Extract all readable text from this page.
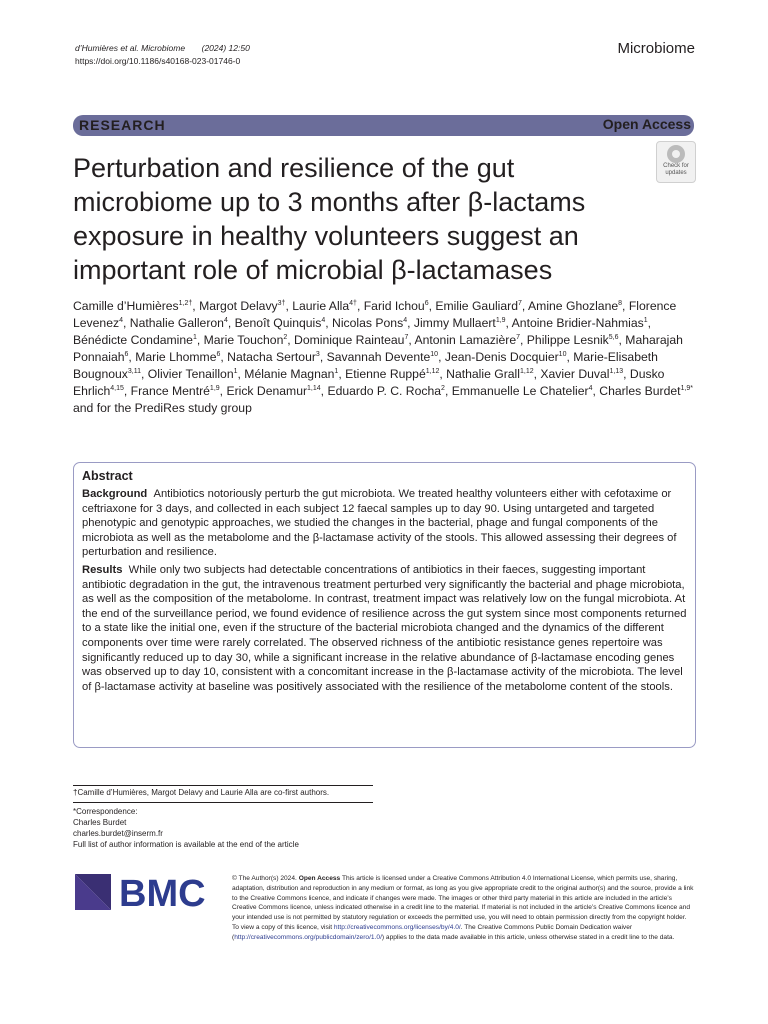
d’Humières et al. Microbiome (2024) 12:50
https://doi.org/10.1186/s40168-023-01746-0
Microbiome
RESEARCH	Open Access
Perturbation and resilience of the gut microbiome up to 3 months after β-lactams exposure in healthy volunteers suggest an important role of microbial β-lactamases
Check for
updates
Camille d’Humières$^{1,2\dagger}$, Margot Delavy$^{3\dagger}$, Laurie Alla$^{4\dagger}$, Farid Ichou$^6$, Emilie Gauliard$^7$, Amine Ghozlane$^8$, Florence Levenez$^4$, Nathalie Galleron$^4$, Benoît Quinquis$^4$, Nicolas Pons$^4$, Jimmy Mullaert$^{1,9}$, Antoine Bridier-Nahmias$^1$, Bénédicte Condamine$^1$, Marie Touchon$^2$, Dominique Rainteau$^7$, Antonin Lamazière$^7$, Philippe Lesnik$^{5,6}$, Maharajah Ponnaiah$^6$, Marie Lhomme$^6$, Natacha Sertour$^3$, Savannah Devente$^{10}$, Jean-Denis Docquier$^{10}$, Marie-Elisabeth Bougnoux$^{3,11}$, Olivier Tenaillon$^1$, Mélanie Magnan$^1$, Etienne Ruppé$^{1,12}$, Nathalie Grall$^{1,12}$, Xavier Duval$^{1,13}$, Dusko Ehrlich$^{4,15}$, France Mentré$^{1,9}$, Erick Denamur$^{1,14}$, Eduardo P. C. Rocha$^2$, Emmanuelle Le Chatelier$^4$, Charles Burdet$^{1,9*}$ and for the PrediRes study group
Abstract

Background Antibiotics notoriously perturb the gut microbiota. We treated healthy volunteers either with cefotaxime or ceftriaxone for 3 days, and collected in each subject 12 faecal samples up to day 90. Using untargeted and targeted phenotypic and genotypic approaches, we studied the changes in the bacterial, phage and fungal components of the microbiota as well as the metabolome and the β-lactamase activity of the stools. This allowed assessing their degrees of perturbation and resilience.

Results While only two subjects had detectable concentrations of antibiotics in their faeces, suggesting important antibiotic degradation in the gut, the intravenous treatment perturbed very significantly the bacterial and phage microbiota, as well as the composition of the metabolome. In contrast, treatment impact was relatively low on the fungal microbiota. At the end of the surveillance period, we found evidence of resilience across the gut system since most components returned to a state like the initial one, even if the structure of the bacterial microbiota changed and the dynamics of the different components over time were rarely correlated. The observed richness of the antibiotic resistance genes repertoire was significantly reduced up to day 30, while a significant increase in the relative abundance of β-lactamase encoding genes was observed up to day 10, consistent with a concomitant increase in the β-lactamase activity of the microbiota. The level of β-lactamase activity at baseline was positively associated with the resilience of the metabolome content of the stools.

†Camille d’Humières, Margot Delavy and Laurie Alla are co-first authors.
*Correspondence:
Charles Burdet
charles.burdet@inserm.fr
Full list of author information is available at the end of the article
BMC	© The Author(s) 2024. Open Access This article is licensed under a Creative Commons Attribution 4.0 International License, which permits use, sharing, adaptation, distribution and reproduction in any medium or format, as long as you give appropriate credit to the original author(s) and the source, provide a link to the Creative Commons licence, and indicate if changes were made. The images or other third party material in this article are included in the article’s Creative Commons licence, unless indicated otherwise in a credit line to the material. If material is not included in the article’s Creative Commons licence and your intended use is not permitted by statutory regulation or exceeds the permitted use, you will need to obtain permission directly from the copyright holder. To view a copy of this licence, visit http://creativecommons.org/licenses/by/4.0/. The Creative Commons Public Domain Dedication waiver (http://creativecommons.org/publicdomain/zero/1.0/) applies to the data made available in this article, unless otherwise stated in a credit line to the data.
